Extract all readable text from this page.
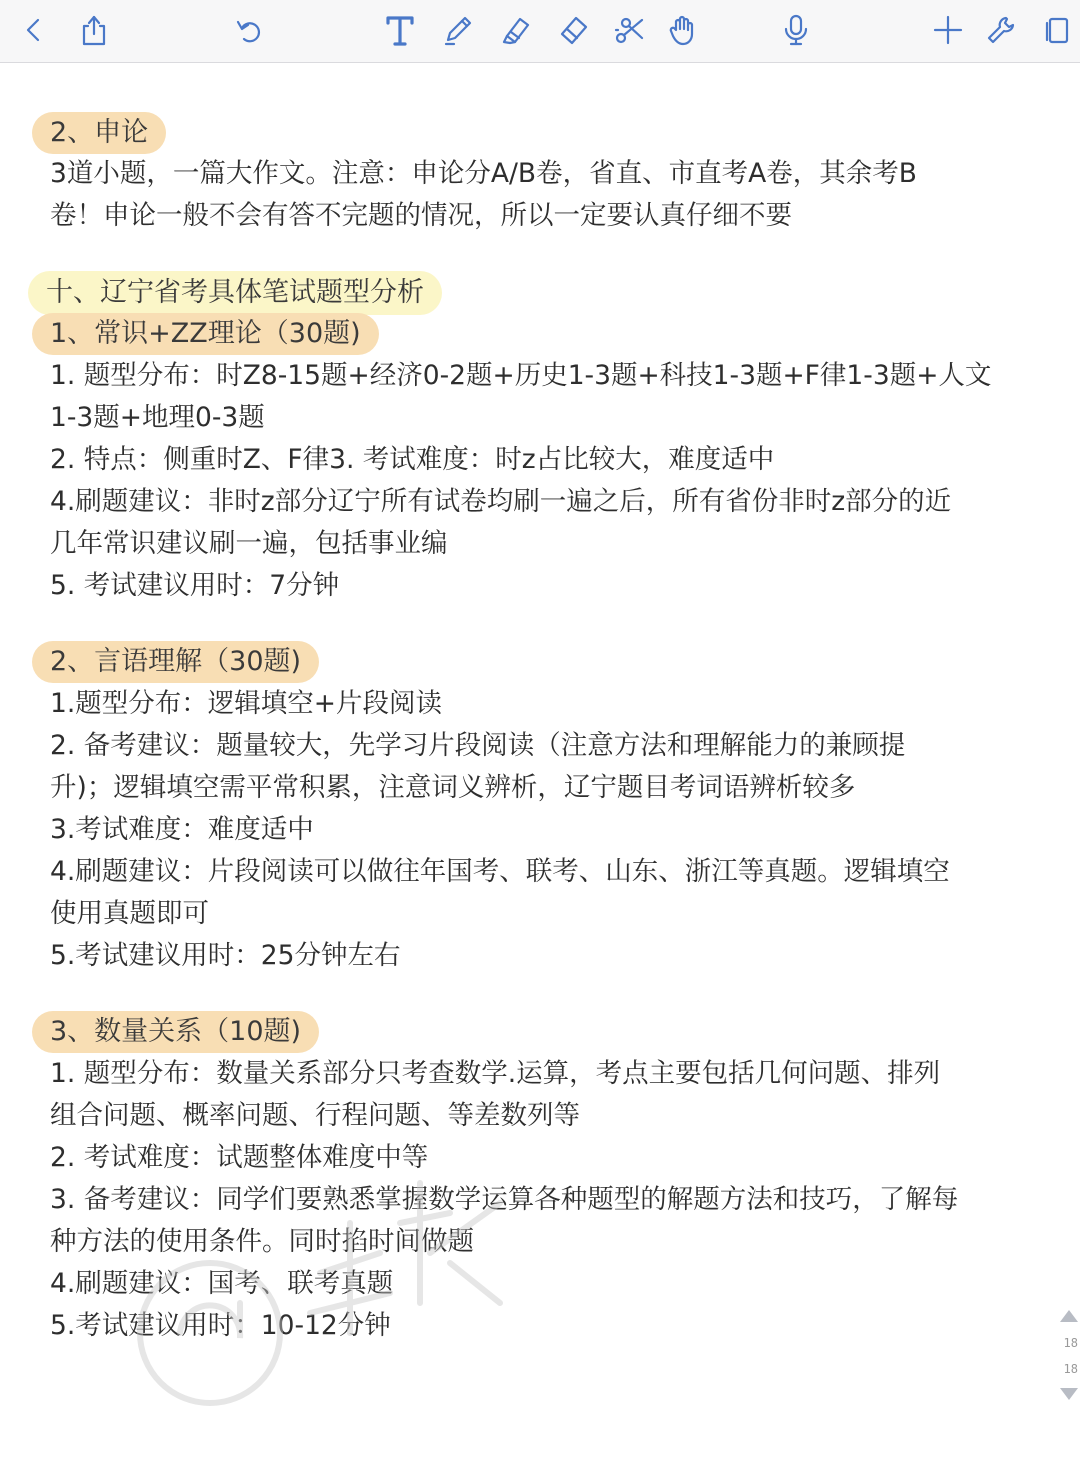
2、申论
3道小题，一篇大作文。注意：申论分A/B卷，省直、市直考A卷，其余考B
卷！申论一般不会有答不完题的情况，所以一定要认真仔细不要
十、辽宁省考具体笔试题型分析
1、常识+ZZ理论（30题)
1. 题型分布：时Z8-15题+经济0-2题+历史1-3题+科技1-3题+F律1-3题+人文
1-3题+地理0-3题
2. 特点：侧重时Z、F律3. 考试难度：时z占比较大，难度适中
4.刷题建议：非时z部分辽宁所有试卷均刷一遍之后，所有省份非时z部分的近
几年常识建议刷一遍，包括事业编
5. 考试建议用时：7分钟
2、言语理解（30题)
1.题型分布：逻辑填空+片段阅读
2. 备考建议：题量较大，先学习片段阅读（注意方法和理解能力的兼顾提
升)；逻辑填空需平常积累，注意词义辨析，辽宁题目考词语辨析较多
3.考试难度：难度适中
4.刷题建议：片段阅读可以做往年国考、联考、山东、浙江等真题。逻辑填空
使用真题即可
5.考试建议用时：25分钟左右
3、数量关系（10题)
1. 题型分布：数量关系部分只考查数学.运算，考点主要包括几何问题、排列
组合问题、概率问题、行程问题、等差数列等
2. 考试难度：试题整体难度中等
3. 备考建议：同学们要熟悉掌握数学运算各种题型的解题方法和技巧，了解每
种方法的使用条件。同时掐时间做题
4.刷题建议：国考、联考真题
5.考试建议用时：10-12分钟
18
18
